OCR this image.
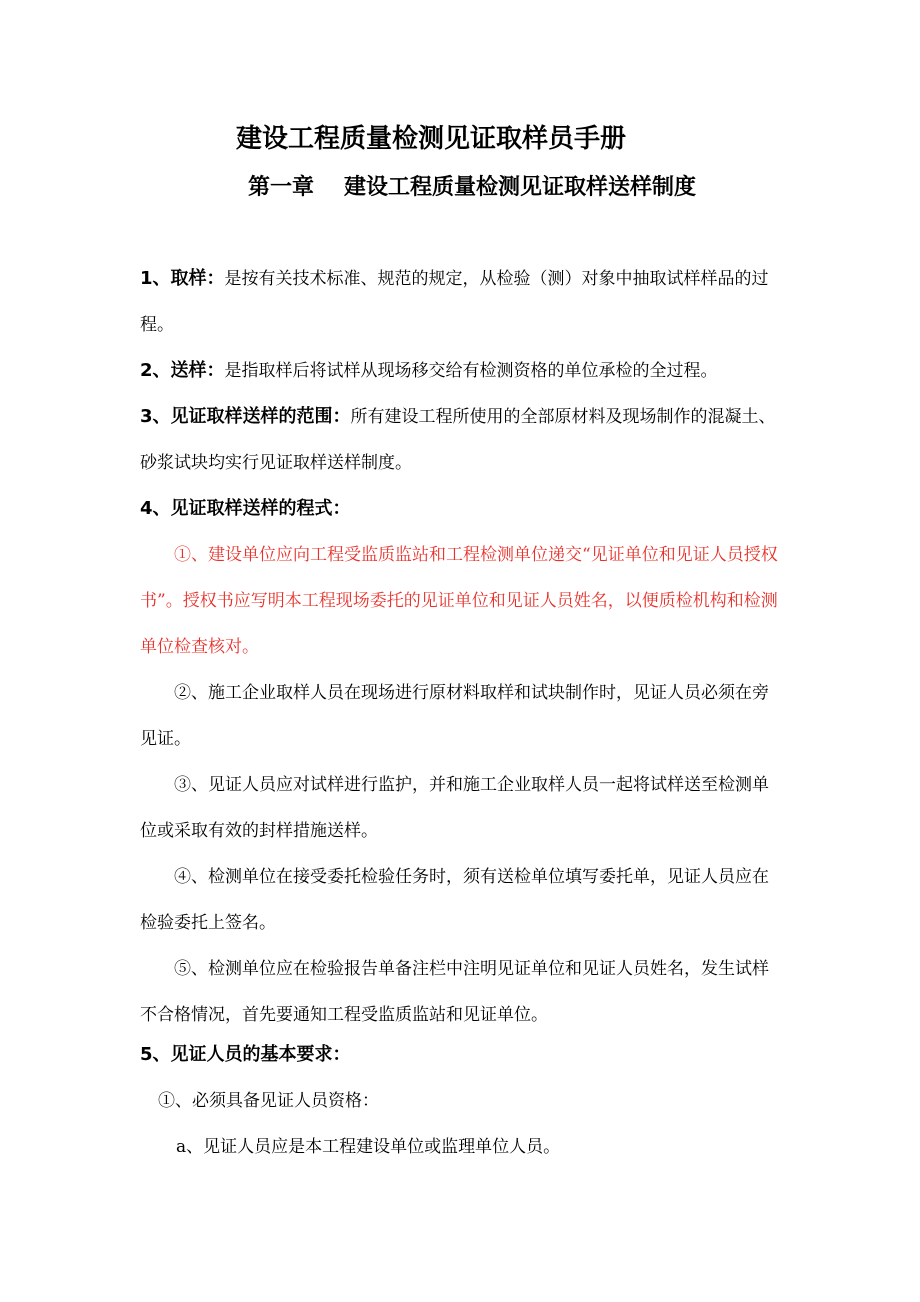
建设工程质量检测见证取样员手册
第一章 建设工程质量检测见证取样送样制度
1、取样：是按有关技术标准、规范的规定，从检验（测）对象中抽取试样样品的过程。
2、送样：是指取样后将试样从现场移交给有检测资格的单位承检的全过程。
3、见证取样送样的范围：所有建设工程所使用的全部原材料及现场制作的混凝土、砂浆试块均实行见证取样送样制度。
4、见证取样送样的程式：
①、建设单位应向工程受监质监站和工程检测单位递交“见证单位和见证人员授权书”。授权书应写明本工程现场委托的见证单位和见证人员姓名，以便质检机构和检测单位检查核对。
②、施工企业取样人员在现场进行原材料取样和试块制作时，见证人员必须在旁见证。
③、见证人员应对试样进行监护，并和施工企业取样人员一起将试样送至检测单位或采取有效的封样措施送样。
④、检测单位在接受委托检验任务时，须有送检单位填写委托单，见证人员应在检验委托上签名。
⑤、检测单位应在检验报告单备注栏中注明见证单位和见证人员姓名，发生试样不合格情况，首先要通知工程受监质监站和见证单位。
5、见证人员的基本要求：
①、必须具备见证人员资格：
a、见证人员应是本工程建设单位或监理单位人员。
